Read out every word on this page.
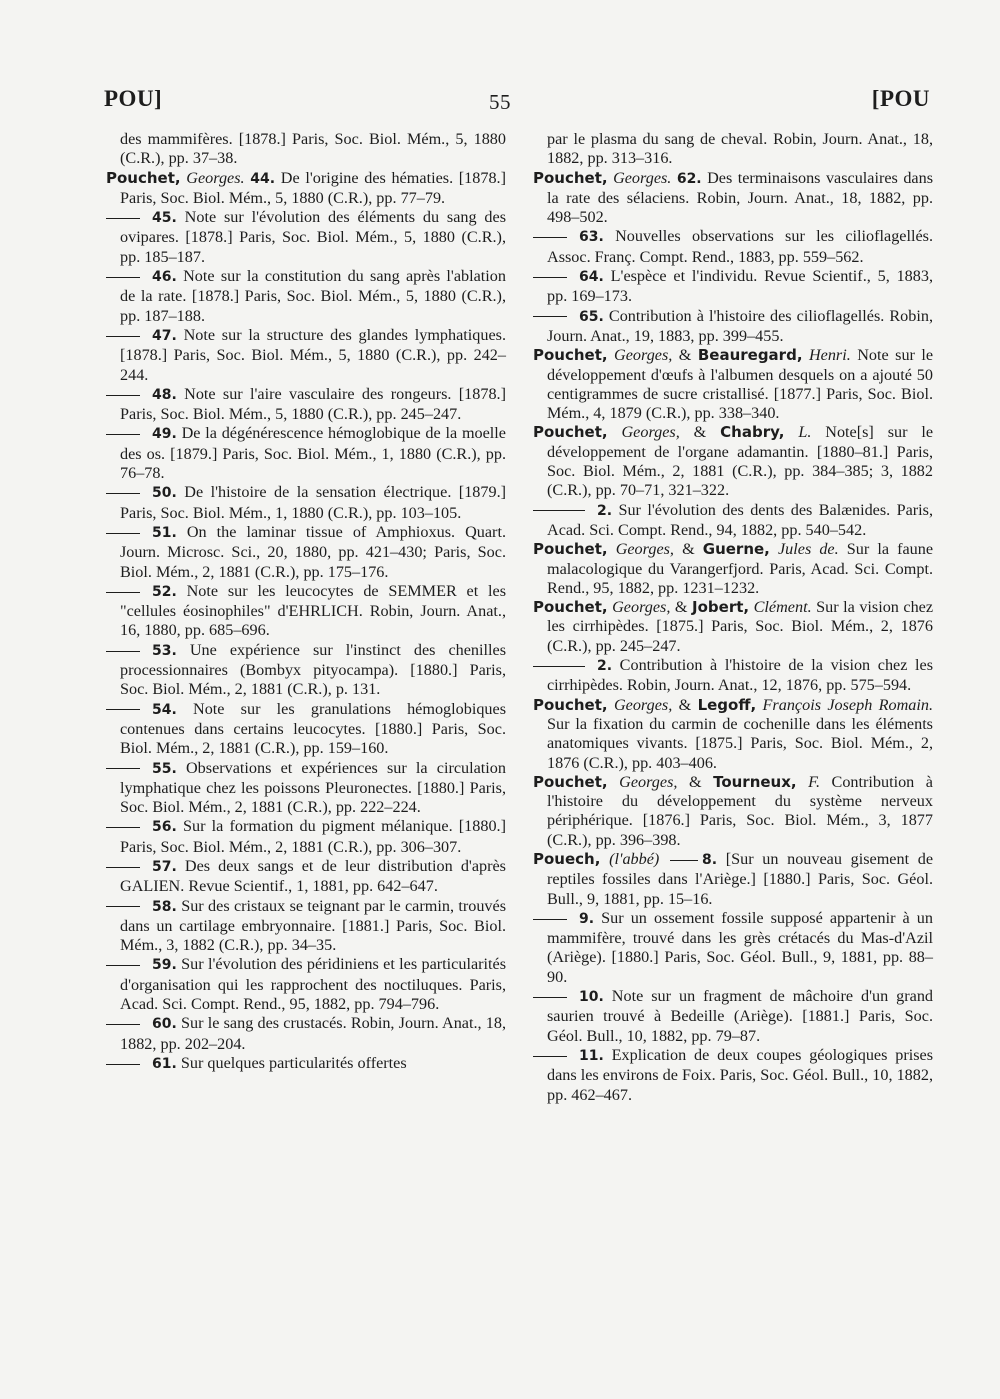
POU]	55	[POU

des mammifères. [1878.] Paris, Soc. Biol. Mém., 5, 1880 (C.R.), pp. 37–38.

Pouchet, Georges. 44. De l'origine des hématies. [1878.] Paris, Soc. Biol. Mém., 5, 1880 (C.R.), pp. 77–79.

45. Note sur l'évolution des éléments du sang des ovipares. [1878.] Paris, Soc. Biol. Mém., 5, 1880 (C.R.), pp. 185–187.

46. Note sur la constitution du sang après l'ablation de la rate. [1878.] Paris, Soc. Biol. Mém., 5, 1880 (C.R.), pp. 187–188.

47. Note sur la structure des glandes lymphatiques. [1878.] Paris, Soc. Biol. Mém., 5, 1880 (C.R.), pp. 242–244.

48. Note sur l'aire vasculaire des rongeurs. [1878.] Paris, Soc. Biol. Mém., 5, 1880 (C.R.), pp. 245–247.

49. De la dégénérescence hémoglobique de la moelle des os. [1879.] Paris, Soc. Biol. Mém., 1, 1880 (C.R.), pp. 76–78.

50. De l'histoire de la sensation électrique. [1879.] Paris, Soc. Biol. Mém., 1, 1880 (C.R.), pp. 103–105.

51. On the laminar tissue of Amphioxus. Quart. Journ. Microsc. Sci., 20, 1880, pp. 421–430; Paris, Soc. Biol. Mém., 2, 1881 (C.R.), pp. 175–176.

52. Note sur les leucocytes de SEMMER et les "cellules éosinophiles" d'EHRLICH. Robin, Journ. Anat., 16, 1880, pp. 685–696.

53. Une expérience sur l'instinct des chenilles processionnaires (Bombyx pityocampa). [1880.] Paris, Soc. Biol. Mém., 2, 1881 (C.R.), p. 131.

54. Note sur les granulations hémoglobiques contenues dans certains leucocytes. [1880.] Paris, Soc. Biol. Mém., 2, 1881 (C.R.), pp. 159–160.

55. Observations et expériences sur la circulation lymphatique chez les poissons Pleuronectes. [1880.] Paris, Soc. Biol. Mém., 2, 1881 (C.R.), pp. 222–224.

56. Sur la formation du pigment mélanique. [1880.] Paris, Soc. Biol. Mém., 2, 1881 (C.R.), pp. 306–307.

57. Des deux sangs et de leur distribution d'après GALIEN. Revue Scientif., 1, 1881, pp. 642–647.

58. Sur des cristaux se teignant par le carmin, trouvés dans un cartilage embryonnaire. [1881.] Paris, Soc. Biol. Mém., 3, 1882 (C.R.), pp. 34–35.

59. Sur l'évolution des péridiniens et les particularités d'organisation qui les rapprochent des noctiluques. Paris, Acad. Sci. Compt. Rend., 95, 1882, pp. 794–796.

60. Sur le sang des crustacés. Robin, Journ. Anat., 18, 1882, pp. 202–204.

61. Sur quelques particularités offertes

par le plasma du sang de cheval. Robin, Journ. Anat., 18, 1882, pp. 313–316.

Pouchet, Georges. 62. Des terminaisons vasculaires dans la rate des sélaciens. Robin, Journ. Anat., 18, 1882, pp. 498–502.

63. Nouvelles observations sur les cilioflagellés. Assoc. Franç. Compt. Rend., 1883, pp. 559–562.

64. L'espèce et l'individu. Revue Scientif., 5, 1883, pp. 169–173.

65. Contribution à l'histoire des cilioflagellés. Robin, Journ. Anat., 19, 1883, pp. 399–455.

Pouchet, Georges, & Beauregard, Henri. Note sur le développement d'œufs à l'albumen desquels on a ajouté 50 centigrammes de sucre cristallisé. [1877.] Paris, Soc. Biol. Mém., 4, 1879 (C.R.), pp. 338–340.

Pouchet, Georges, & Chabry, L. Note[s] sur le développement de l'organe adamantin. [1880–81.] Paris, Soc. Biol. Mém., 2, 1881 (C.R.), pp. 384–385; 3, 1882 (C.R.), pp. 70–71, 321–322.

2. Sur l'évolution des dents des Balænides. Paris, Acad. Sci. Compt. Rend., 94, 1882, pp. 540–542.

Pouchet, Georges, & Guerne, Jules de. Sur la faune malacologique du Varangerfjord. Paris, Acad. Sci. Compt. Rend., 95, 1882, pp. 1231–1232.

Pouchet, Georges, & Jobert, Clément. Sur la vision chez les cirrhipèdes. [1875.] Paris, Soc. Biol. Mém., 2, 1876 (C.R.), pp. 245–247.

2. Contribution à l'histoire de la vision chez les cirrhipèdes. Robin, Journ. Anat., 12, 1876, pp. 575–594.

Pouchet, Georges, & Legoff, François Joseph Romain. Sur la fixation du carmin de cochenille dans les éléments anatomiques vivants. [1875.] Paris, Soc. Biol. Mém., 2, 1876 (C.R.), pp. 403–406.

Pouchet, Georges, & Tourneux, F. Contribution à l'histoire du développement du système nerveux périphérique. [1876.] Paris, Soc. Biol. Mém., 3, 1877 (C.R.), pp. 396–398.

Pouech, (l'abbé)	8. [Sur un nouveau gisement de reptiles fossiles dans l'Ariège.] [1880.] Paris, Soc. Géol. Bull., 9, 1881, pp. 15–16.

9. Sur un ossement fossile supposé appartenir à un mammifère, trouvé dans les grès crétacés du Mas-d'Azil (Ariège). [1880.] Paris, Soc. Géol. Bull., 9, 1881, pp. 88–90.

10. Note sur un fragment de mâchoire d'un grand saurien trouvé à Bedeille (Ariège). [1881.] Paris, Soc. Géol. Bull., 10, 1882, pp. 79–87.

11. Explication de deux coupes géologiques prises dans les environs de Foix. Paris, Soc. Géol. Bull., 10, 1882, pp. 462–467.
